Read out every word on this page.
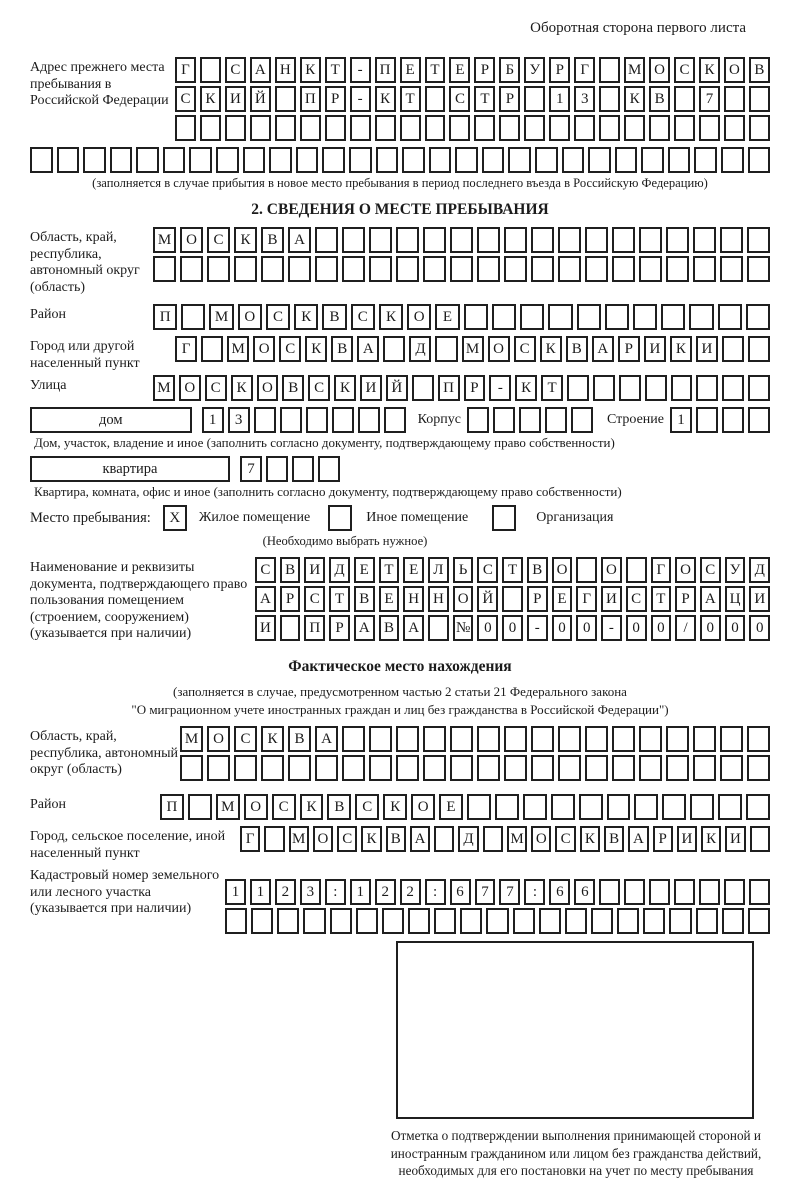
Оборотная сторона первого листа
Адрес прежнего места пребывания в Российской Федерации
Г	С А Н К	Т	-	П Е	Т	Е	Р	Б	У	Р	Г	М О С К О В
С К И Й	П	Р	-	К	Т	С	Т	Р	1	3	К В	7
(заполняется в случае прибытия в новое место пребывания в период последнего въезда в Российскую Федерацию)
2. СВЕДЕНИЯ О МЕСТЕ ПРЕБЫВАНИЯ
Область, край, республика, автономный округ (область)
М О	С	К	В	А
Район	П	М	О	С	К	В	С	К	О	Е
Город или другой населенный пункт
Г	М О	С	К	В	А	Д	М О	С	К	В	А	Р	И	К	И
Улица	М О	С	К	О	В	С	К	И	Й	П	Р	-	К	Т
дом	1	3	Корпус	Строение 1
Дом, участок, владение и иное (заполнить согласно документу, подтверждающему право собственности)
квартира	7
Квартира, комната, офис и иное (заполнить согласно документу, подтверждающему право собственности)
Место пребывания:	X	Жилое помещение	Иное помещение	Организация
(Необходимо выбрать нужное)
Наименование и реквизиты документа, подтверждающего право пользования помещением (строением, сооружением) (указывается при наличии)
С В И Д	Е	Т	Е	Л	Ь	С	Т	В О	О	Г О С У Д
А	Р	С	Т	В	Е Н Н О Й	Р	Е	Г И С	Т	Р	А Ц И
И	П	Р	А В А	№ 0	0	-	0	0	-	0	0	/	0	0	0
Фактическое место нахождения
(заполняется в случае, предусмотренном частью 2 статьи 21 Федерального закона
"О миграционном учете иностранных граждан и лиц без гражданства в Российской Федерации")
Область, край, республика, автономный округ (область)
М О	С	К	В	А
Район	П	М	О	С	К	В	С	К	О	Е
Город, сельское поселение, иной населенный пункт
Г	М О С К В А	Д	М О С К В А Р И К И
Кадастровый номер земельного или лесного участка (указывается при наличии)
1	1	2	3	:	1	2	2	:	6	7	7	:	6	6
Отметка о подтверждении выполнения принимающей стороной и иностранным гражданином или лицом без гражданства действий, необходимых для его постановки на учет по месту пребывания
